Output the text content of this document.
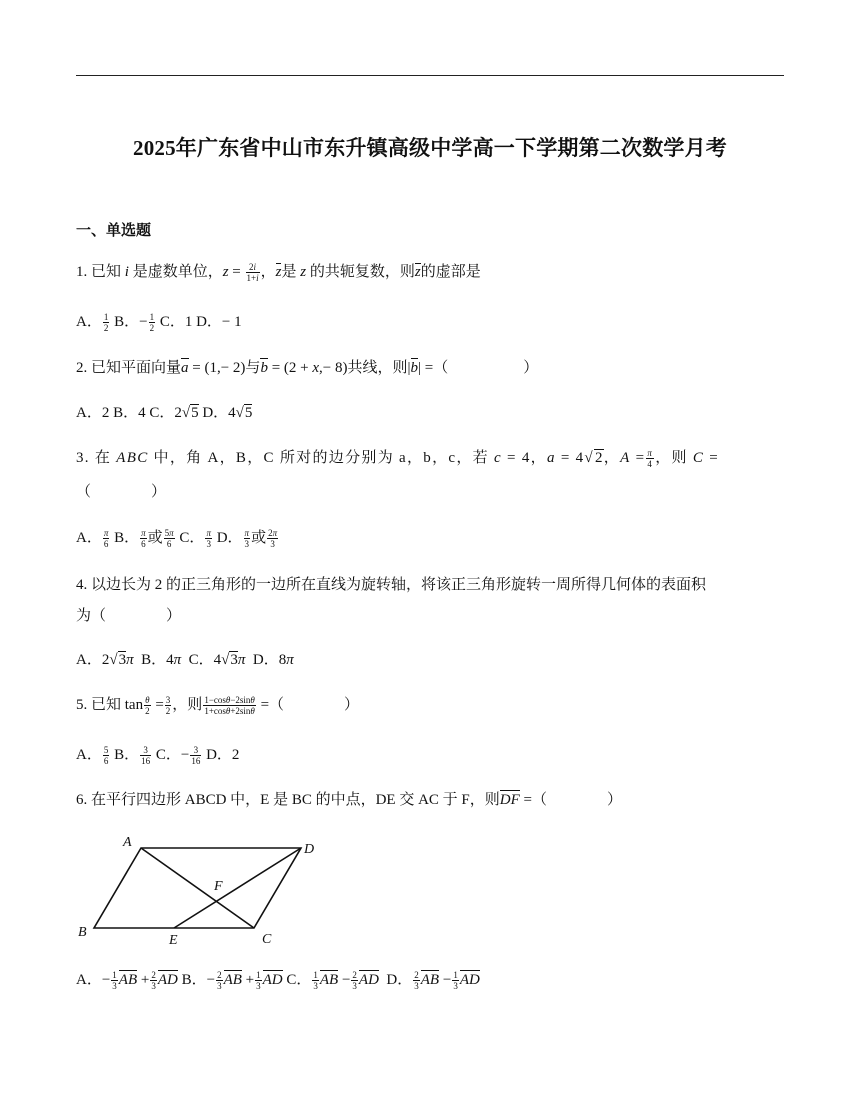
2025年广东省中山市东升镇高级中学高一下学期第二次数学月考
一、单选题
1. 已知 i 是虚数单位，$z = \frac{2i}{1+i}$ ，z是 z 的共轭复数，则z的虚部是
A． $\frac{1}{2}$ B．− $\frac{1}{2}$ C．1 D．− 1
2. 已知平面向量a = (1,− 2)与b = (2 + x,− 8)共线，则|b| =（　　　　　）
A．2 B．4 C．2√5 D．4√5
3. 在 ABC 中，角 A，B，C 所对的边分别为 a，b，c，若 c = 4，a = 4√2，$A = \frac{\pi}{4}$ ，则 C =
（　　　　）
A． $\frac{\pi}{6}$ B． $\frac{\pi}{6}$ 或 $\frac{5\pi}{6}$ C． $\frac{\pi}{3}$ D． $\frac{\pi}{3}$ 或 $\frac{2\pi}{3}$
4. 以边长为 2 的正三角形的一边所在直线为旋转轴，将该正三角形旋转一周所得几何体的表面积
为（　　　　）
A．2√3π  B．4π  C．4√3π  D．8π
5. 已知 $\tan \frac{\theta}{2} = \frac{3}{2}$ ，则 $\frac{1-\cos\theta-2\sin\theta}{1+\cos\theta+2\sin\theta}$ =（　　　　）
A． $\frac{5}{6}$ B． $\frac{3}{16}$ C．− $\frac{3}{16}$ D．2
6. 在平行四边形 ABCD 中，E 是 BC 的中点，DE 交 AC 于 F，则DF =（　　　　）
A	D
B	C
E
F
A．− $\frac{1}{3}$ AB + $\frac{2}{3}$ AD B．− $\frac{2}{3}$ AB + $\frac{1}{3}$ AD C． $\frac{1}{3}$ AB − $\frac{2}{3}$ AD  D． $\frac{2}{3}$ AB − $\frac{1}{3}$ AD
